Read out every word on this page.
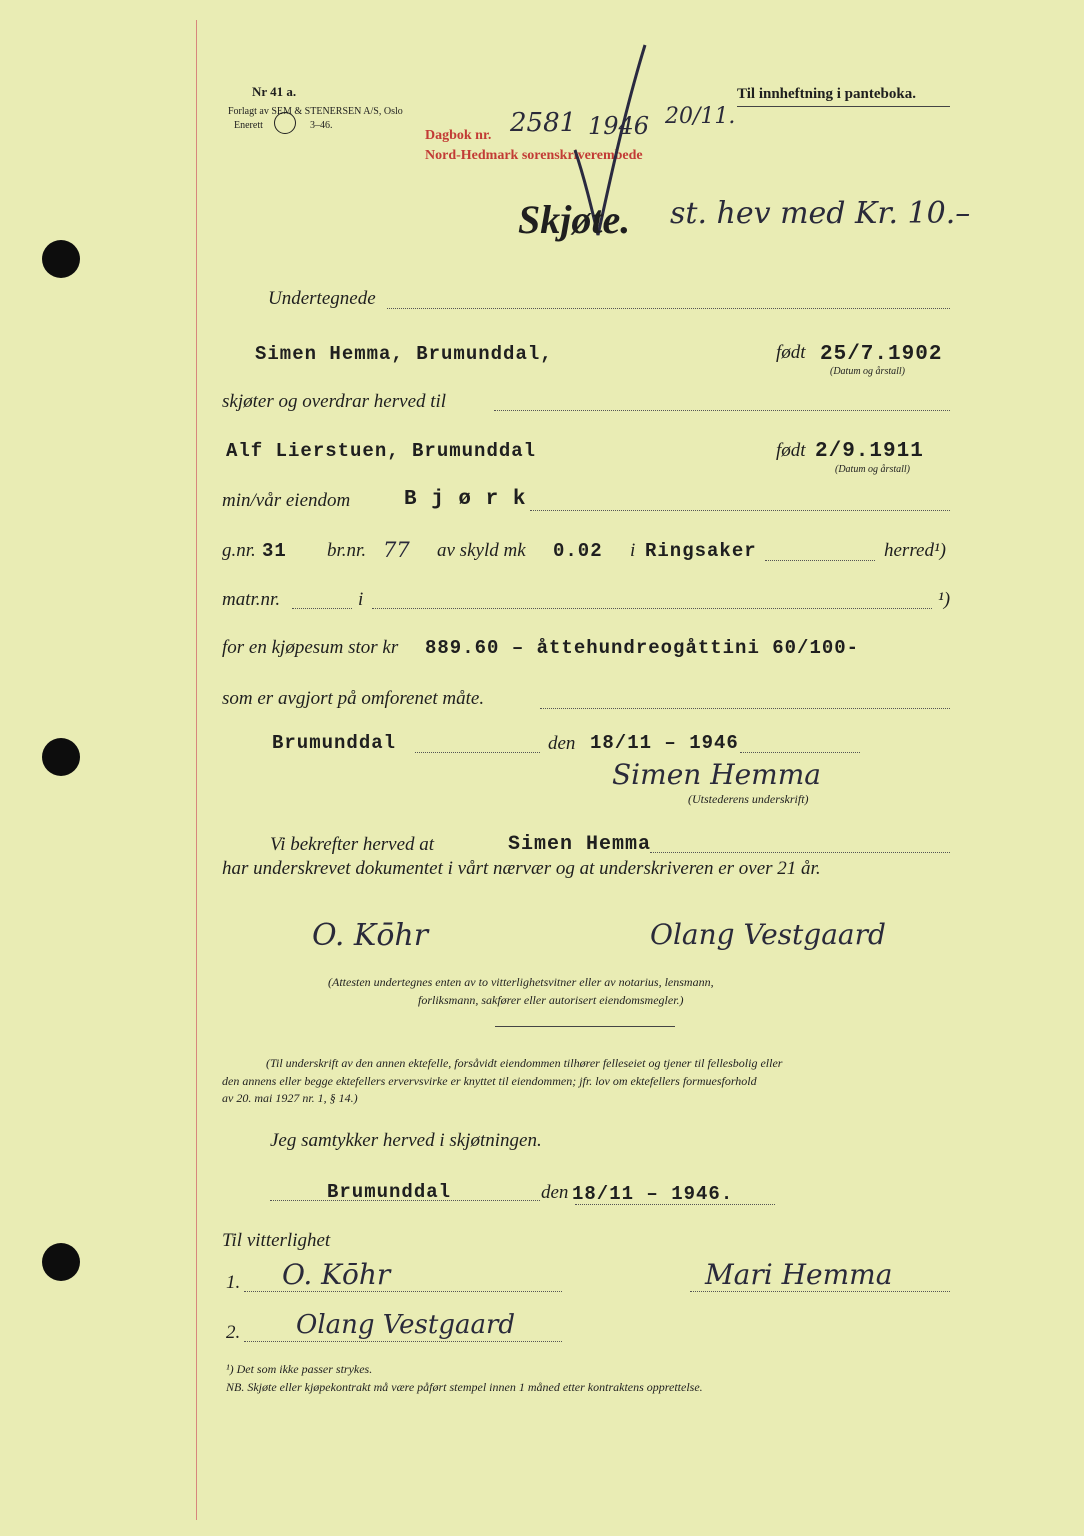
Nr 41 a.
Forlagt av SEM & STENERSEN A/S, Oslo
Enerett	3–46.
Dagbok nr. 2581 1946 20/11.
Nord-Hedmark sorenskriverembede
Til innheftning i panteboka.
Skjøte. st. hev med Kr. 10.–
Undertegnede
Simen Hemma, Brumunddal,	født 25/7.1902
(Datum og årstall)
skjøter og overdrar herved til
Alf Lierstuen, Brumunddal	født 2/9.1911
(Datum og årstall)
min/vår eiendom	B j ø r k
g.nr. 31 br.nr. 77 av skyld mk 0.02 i Ringsaker	herred¹)
matr.nr.	i	¹)
for en kjøpesum stor kr 889.60 – åttehundreogåttini 60/100-
som er avgjort på omforenet måte.
Brumunddal	den 18/11 – 1946
Simen Hemma
(Utstederens underskrift)
Vi bekrefter herved at	Simen Hemma
har underskrevet dokumentet i vårt nærvær og at underskriveren er over 21 år.
O. Kōhr	Olang Vestgaard
(Attesten undertegnes enten av to vitterlighetsvitner eller av notarius, lensmann,
forliksmann, sakfører eller autorisert eiendomsmegler.)
(Til underskrift av den annen ektefelle, forsåvidt eiendommen tilhører felleseiet og tjener til fellesbolig eller
den annens eller begge ektefellers ervervsvirke er knyttet til eiendommen; jfr. lov om ektefellers formuesforhold
av 20. mai 1927 nr. 1, § 14.)
Jeg samtykker herved i skjøtningen.
Brumunddal	den 18/11 – 1946.
Til vitterlighet
1. O. Kōhr
2. Olang Vestgaard
Mari Hemma
¹) Det som ikke passer strykes.
NB. Skjøte eller kjøpekontrakt må være påført stempel innen 1 måned etter kontraktens opprettelse.
